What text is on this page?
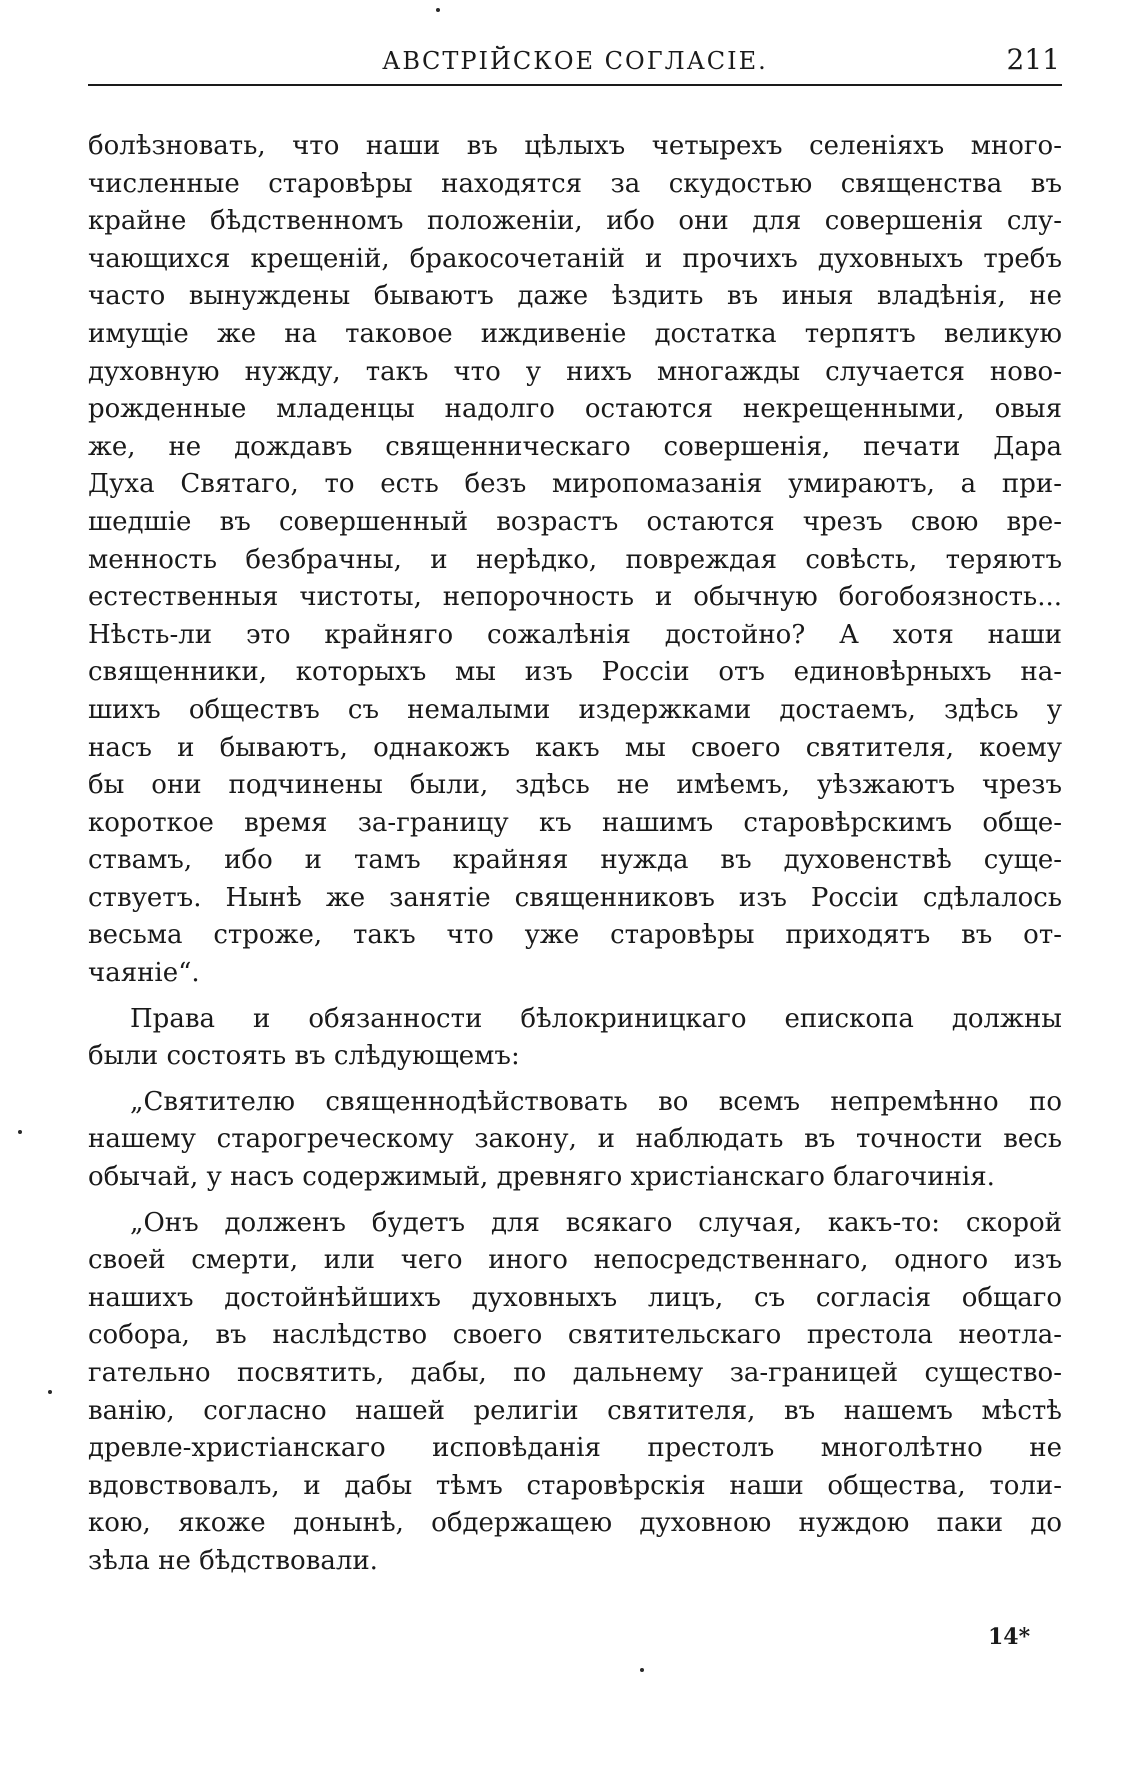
АВСТРІЙСКОЕ СОГЛАСІЕ.	211
болѣзновать, что наши въ цѣлыхъ четырехъ селеніяхъ много-
численные старовѣры находятся за скудостью священства въ
крайне бѣдственномъ положеніи, ибо они для совершенія слу-
чающихся крещеній, бракосочетаній и прочихъ духовныхъ требъ
часто вынуждены бываютъ даже ѣздить въ иныя владѣнія, не
имущіе же на таковое иждивеніе достатка терпятъ великую
духовную нужду, такъ что у нихъ многажды случается ново-
рожденные младенцы надолго остаются некрещенными, овыя
же, не дождавъ священническаго совершенія, печати Дара
Духа Святаго, то есть безъ миропомазанія умираютъ, а при-
шедшіе въ совершенный возрастъ остаются чрезъ свою вре-
менность безбрачны, и нерѣдко, повреждая совѣсть, теряютъ
естественныя чистоты, непорочность и обычную богобоязность...
Нѣсть-ли это крайняго сожалѣнія достойно? А хотя наши
священники, которыхъ мы изъ Россіи отъ единовѣрныхъ на-
шихъ обществъ съ немалыми издержками достаемъ, здѣсь у
насъ и бываютъ, однакожъ какъ мы своего святителя, коему
бы они подчинены были, здѣсь не имѣемъ, уѣзжаютъ чрезъ
короткое время за-границу къ нашимъ старовѣрскимъ обще-
ствамъ, ибо и тамъ крайняя нужда въ духовенствѣ суще-
ствуетъ. Нынѣ же занятіе священниковъ изъ Россіи сдѣлалось
весьма строже, такъ что уже старовѣры приходятъ въ от-
чаяніе“.
Права и обязанности бѣлокриницкаго епископа должны
были состоять въ слѣдующемъ:
„Святителю священнодѣйствовать во всемъ непремѣнно по
нашему старогреческому закону, и наблюдать въ точности весь
обычай, у насъ содержимый, древняго христіанскаго благочинія.
„Онъ долженъ будетъ для всякаго случая, какъ-то: скорой
своей смерти, или чего иного непосредственнаго, одного изъ
нашихъ достойнѣйшихъ духовныхъ лицъ, съ согласія общаго
собора, въ наслѣдство своего святительскаго престола неотла-
гательно посвятить, дабы, по дальнему за-границей существо-
ванію, согласно нашей религіи святителя, въ нашемъ мѣстѣ
древле-христіанскаго исповѣданія престолъ многолѣтно не
вдовствовалъ, и дабы тѣмъ старовѣрскія наши общества, толи-
кою, якоже донынѣ, обдержащею духовною нуждою паки до
зѣла не бѣдствовали.
14*
